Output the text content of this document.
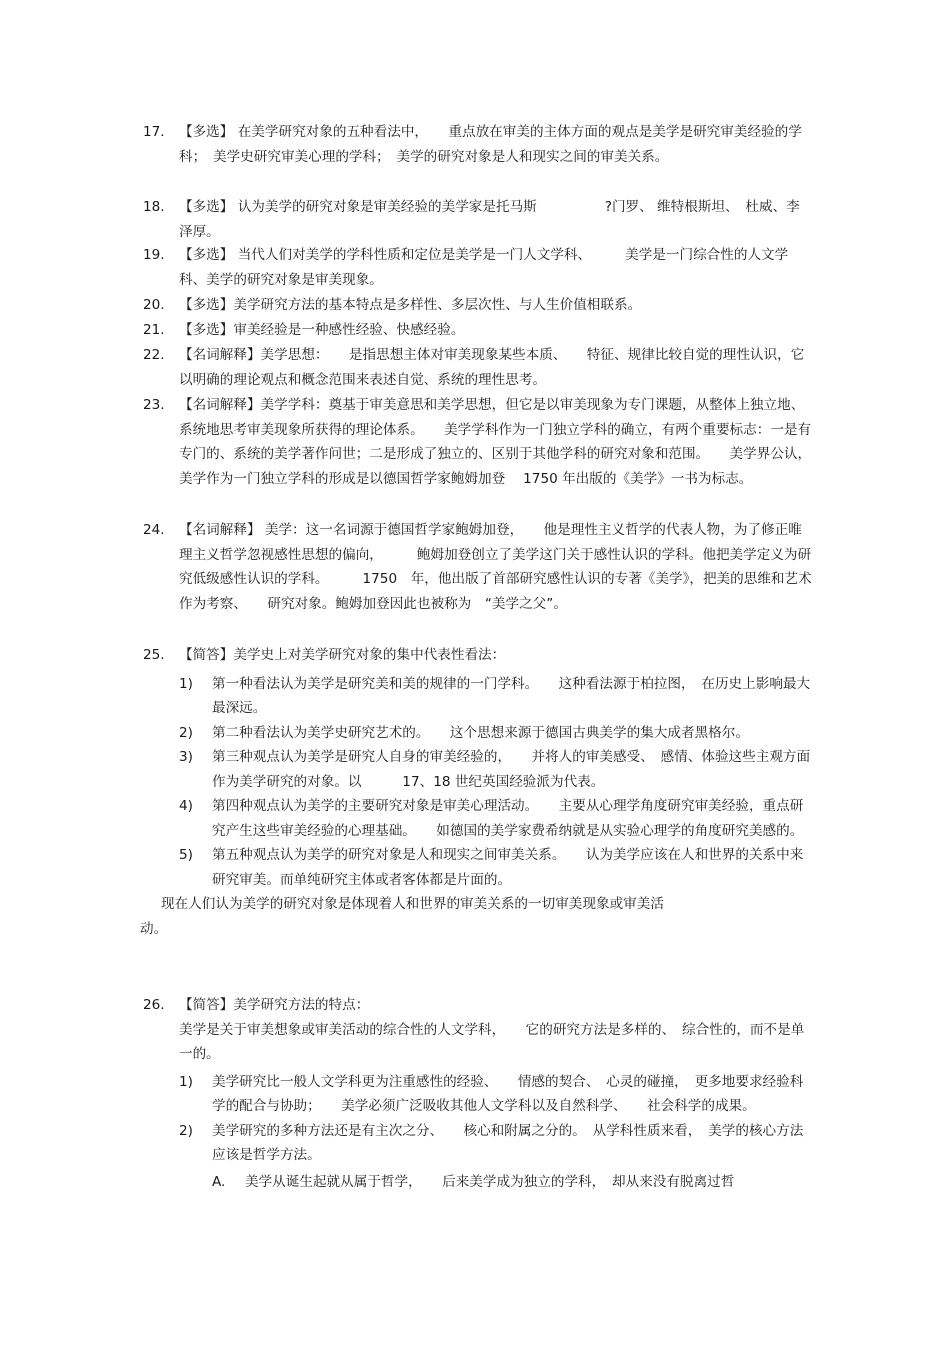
17.	【多选】 在美学研究对象的五种看法中，　　重点放在审美的主体方面的观点是美学是研究审美经验的学科；　美学史研究审美心理的学科；　美学的研究对象是人和现实之间的审美关系。
18.	【多选】 认为美学的研究对象是审美经验的美学家是托马斯　　　　　?门罗、 维特根斯坦、　杜威、李泽厚。
19.	【多选】 当代人们对美学的学科性质和定位是美学是一门人文学科、　　　美学是一门综合性的人文学科、美学的研究对象是审美现象。
20.	【多选】美学研究方法的基本特点是多样性、多层次性、与人生价值相联系。
21.	【多选】审美经验是一种感性经验、快感经验。
22.	【名词解释】美学思想：　　是指思想主体对审美现象某些本质、　　特征、规律比较自觉的理性认识，它以明确的理论观点和概念范围来表述自觉、系统的理性思考。
23.	【名词解释】美学学科：奠基于审美意思和美学思想，但它是以审美现象为专门课题，从整体上独立地、　系统地思考审美现象所获得的理论体系。　　美学学科作为一门独立学科的确立，有两个重要标志：一是有专门的、系统的美学著作问世；二是形成了独立的、区别于其他学科的研究对象和范围。　　美学界公认，　美学作为一门独立学科的形成是以德国哲学家鲍姆加登　 1750 年出版的《美学》一书为标志。
24.	【名词解释】 美学：这一名词源于德国哲学家鲍姆加登，　　他是理性主义哲学的代表人物，为了修正唯理主义哲学忽视感性思想的偏向，　　　鲍姆加登创立了美学这门关于感性认识的学科。他把美学定义为研究低级感性认识的学科。　　　1750　年，他出版了首部研究感性认识的专著《美学》，把美的思维和艺术作为考察、　　研究对象。鲍姆加登因此也被称为　“美学之父”。
25.	【简答】美学史上对美学研究对象的集中代表性看法：
1)	第一种看法认为美学是研究美和美的规律的一门学科。　　这种看法源于柏拉图，　在历史上影响最大最深远。
2)	第二种看法认为美学史研究艺术的。　　这个思想来源于德国古典美学的集大成者黑格尔。
3)	第三种观点认为美学是研究人自身的审美经验的，　　并将人的审美感受、　感情、体验这些主观方面作为美学研究的对象。以　　　17、18 世纪英国经验派为代表。
4)	第四种观点认为美学的主要研究对象是审美心理活动。　　主要从心理学角度研究审美经验，重点研究产生这些审美经验的心理基础。　　如德国的美学家费希纳就是从实验心理学的角度研究美感的。
5)	第五种观点认为美学的研究对象是人和现实之间审美关系。　　认为美学应该在人和世界的关系中来研究审美。而单纯研究主体或者客体都是片面的。
现在人们认为美学的研究对象是体现着人和世界的审美关系的一切审美现象或审美活
动。
26.	【简答】美学研究方法的特点：
美学是关于审美想象或审美活动的综合性的人文学科，　　它的研究方法是多样的、　综合性的，而不是单一的。
1)	美学研究比一般人文学科更为注重感性的经验、　　情感的契合、　心灵的碰撞，　更多地要求经验科学的配合与协助；　　美学必须广泛吸收其他人文学科以及自然科学、　　社会科学的成果。
2)	美学研究的多种方法还是有主次之分、　　核心和附属之分的。　从学科性质来看，　美学的核心方法应该是哲学方法。
A.	美学从诞生起就从属于哲学，　　后来美学成为独立的学科，　却从来没有脱离过哲
